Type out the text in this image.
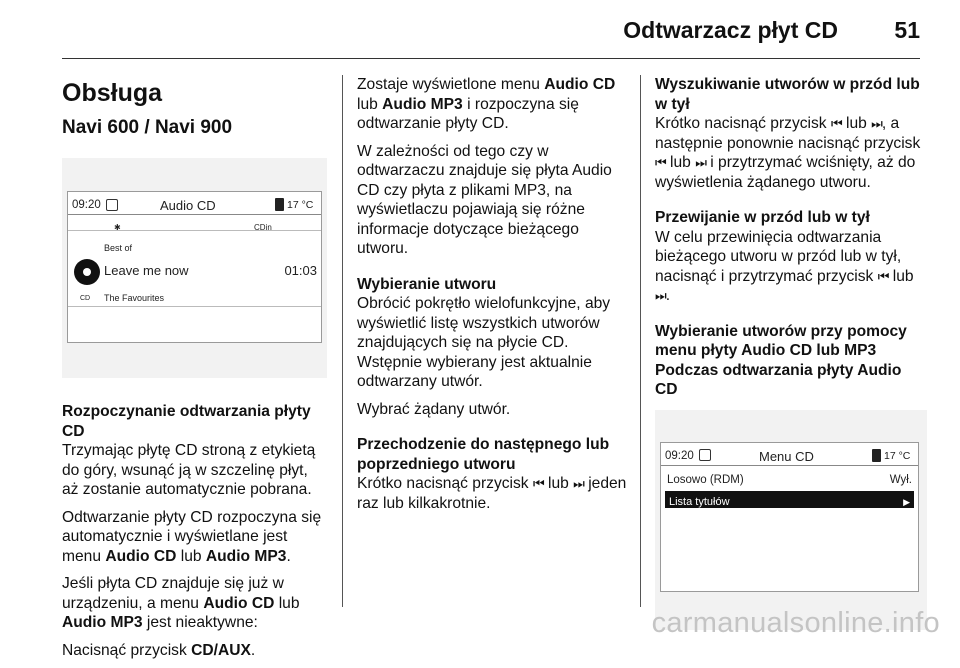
Odtwarzacz płyt CD 51
Obsługa
Navi 600 / Navi 900
09:20	Audio CD	17 °C
✱	CDin
Best of
Leave me now	01:03
CD The Favourites
Rozpoczynanie odtwarzania płyty CD

Trzymając płytę CD stroną z etykietą do góry, wsunąć ją w szczelinę płyt, aż zostanie automatycznie pobrana.

Odtwarzanie płyty CD rozpoczyna się automatycznie i wyświetlane jest menu Audio CD lub Audio MP3.

Jeśli płyta CD znajduje się już w urządzeniu, a menu Audio CD lub Audio MP3 jest nieaktywne:

Nacisnąć przycisk CD/AUX.

Zostaje wyświetlone menu Audio CD lub Audio MP3 i rozpoczyna się odtwarzanie płyty CD.

W zależności od tego czy w odtwarzaczu znajduje się płyta Audio CD czy płyta z plikami MP3, na wyświetlaczu pojawiają się różne informacje dotyczące bieżącego utworu.

Wybieranie utworu

Obrócić pokrętło wielofunkcyjne, aby wyświetlić listę wszystkich utworów znajdujących się na płycie CD. Wstępnie wybierany jest aktualnie odtwarzany utwór.

Wybrać żądany utwór.

Przechodzenie do następnego lub poprzedniego utworu

Krótko nacisnąć przycisk ⏮ lub ⏭ jeden raz lub kilkakrotnie.

Wyszukiwanie utworów w przód lub w tył

Krótko nacisnąć przycisk ⏮ lub ⏭, a następnie ponownie nacisnąć przycisk ⏮ lub ⏭ i przytrzymać wciśnięty, aż do wyświetlenia żądanego utworu.

Przewijanie w przód lub w tył

W celu przewinięcia odtwarzania bieżącego utworu w przód lub w tył, nacisnąć i przytrzymać przycisk ⏮ lub ⏭.

Wybieranie utworów przy pomocy menu płyty Audio CD lub MP3
Podczas odtwarzania płyty Audio CD
09:20	Menu CD	17 °C
Losowo (RDM)	Wył.
Lista tytułów	▶
carmanualsonline.info
